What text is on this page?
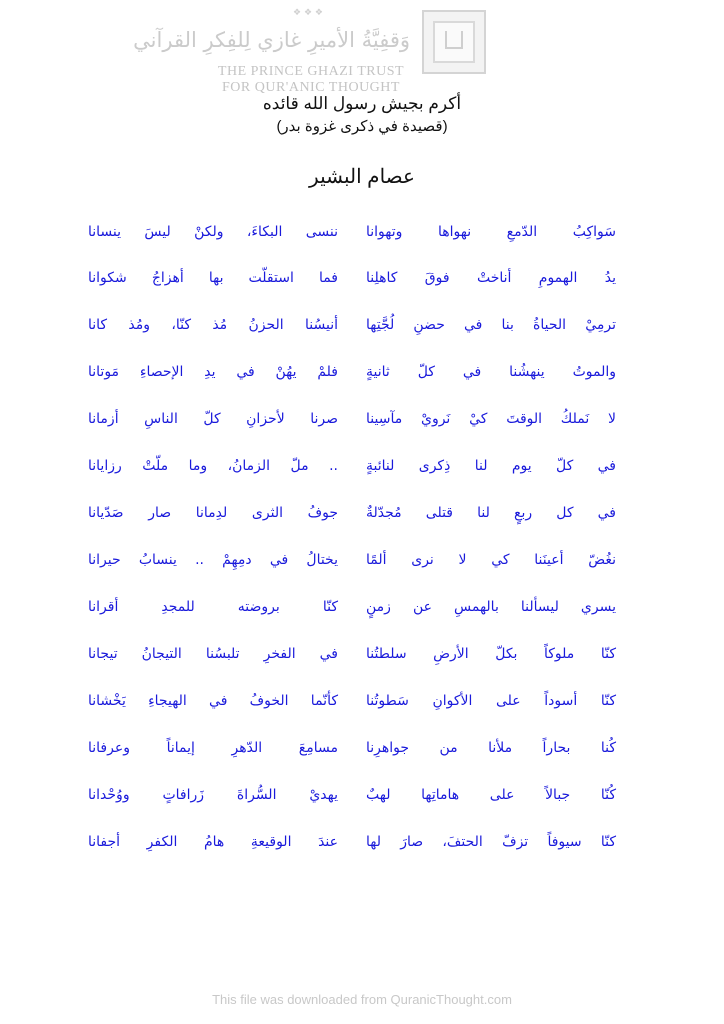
❖ ❖ ❖
وَقفِيَّةُ الأميرِ غازي لِلفِكرِ القرآني
THE PRINCE GHAZI TRUST
FOR QUR'ANIC THOUGHT
أكرم بجيش رسول الله قائده
(قصيدة في ذكرى غزوة بدر)
عصام البشير
سَواكِبُ الدّمعِ نهواها وتهوانا
ننسى البكاءَ، ولكنْ ليسَ ينسانا
يدُ الهمومِ أناختْ فوقَ كاهلِنا
فما استقلّت بها أهزاجُ شكوانا
ترمِيْ الحياةُ بنا في حضنِ لُجَّتِها
أنيسُنا الحزنُ مُذ كنّا، ومُذ كانا
والموتُ ينهشُنا في كلّ ثانيةٍ
فلمْ يهُنْ في يدِ الإحصاءِ مَوتانا
لا نَملكُ الوقتَ كيْ نَرويْ مآسِينا
صرنا لأحزانِ كلّ الناسِ أزمانا
في كلّ يوم لنا ذِكرى لنائبةٍ
.. ملّ الزمانُ، وما ملّتْ رزايانا
في كل ربعٍ لنا قتلى مُجدّلةٌ
جوفُ الثرى لدِمانا صار صَدّيانا
نغُضّ أعينَنا كي لا نرى ألمًا
يختالُ في دمِهِمْ .. ينسابُ حيرانا
يسري ليسألنا بالهمسِ عن زمنٍ
كنّا بروضته للمجدِ أقرانا
كنّا ملوكاً بكلّ الأرضِ سلطتُنا
في الفخرِ تلبسُنا التيجانُ تيجانا
كنّا أسوداً على الأكوانِ سَطوتُنا
كأنّما الخوفُ في الهيجاءِ يَخْشانا
كُنا بحاراً ملأنا من جواهرِنا
مسامِعَ الدّهرِ إيماناً وعرفانا
كُنّا جبالاً على هاماتِها لهبٌ
يهديْ السُّراةَ زَرافاتٍ ووُحْدانا
كنّا سيوفاً تزفّ الحتفَ، صارَ لها
عندَ الوقيعةِ هامُ الكفرِ أجفانا
This file was downloaded from QuranicThought.com
